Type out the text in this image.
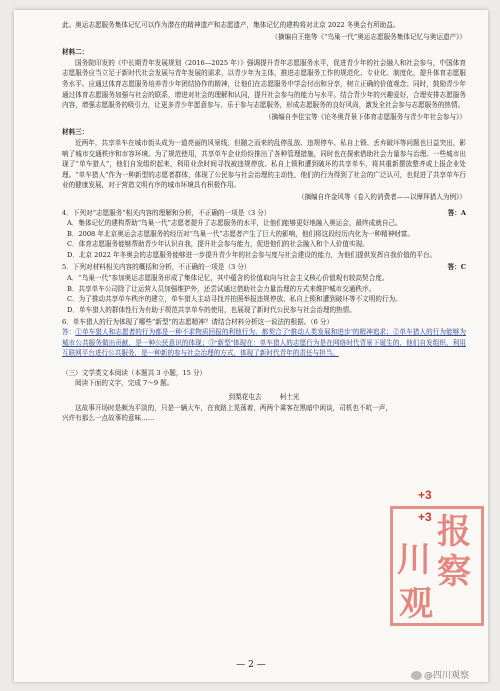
此。奥运志愿服务集体记忆可以作为潜在的精神遗产和志愿遗产，集体记忆的建构将对北京 2022 冬奥会有所助益。

（摘编自王艳等《“鸟巢一代”奥运志愿服务集体记忆与奥运遗产》）

材料二：

国务院印发的《中长期青年发展规划（2016—2025 年）》强调提升青年志愿服务水平，促进青少年的社会融入和社会参与，中国体育志愿服务应当立足于新时代社会发展与青年发展的需求，以青少年为主体，推进志愿服务工作的规范化、专业化、制度化，提升体育志愿服务水平。应通过体育志愿服务培养青少年团结协作的精神，让他们在志愿服务中学会付出和分享，树立正确的价值观念；同时，鼓励青少年通过体育志愿服务加强与社会的联系，增进对社会的理解和认同，提升社会参与的能力与水平。结合青少年的兴趣爱好，合理安排志愿服务内容，增强志愿服务的吸引力，让更多青少年愿意参与、乐于参与志愿服务，形成志愿服务的良好风尚，激发全社会参与志愿服务的热情。

（摘编自李佳宝等《论冬奥背景下体育志愿服务与青少年社会参与》）

材料三：

近两年，共享单车在城市街头成为一道亮丽的风景线，但随之而来的乱停乱放、违规停车、私自上锁、丢弃破坏等问题也日益突出，影响了城市交通秩序和市容环境。为了规范使用，共享单车企业纷纷推出了各种管理措施，同时也在探索借助社会力量参与治理。一些城市出现了“单车猎人”，他们自发组织起来，利用业余时间寻找被违规停放、私自上锁和遭到破坏的共享单车，将其重新摆放整齐或上报企业处理。“单车猎人”作为一种新型的志愿者群体，体现了公民参与社会治理的主动性，他们的行为得到了社会的广泛认可，也促进了共享单车行业的健康发展，对于营造文明有序的城市环境具有积极作用。

（摘编自许金风等《卷入的消费者——以摩拜猎人为例》）

4．下列对“志愿服务”相关内容的理解和分析，不正确的一项是（3 分）	答：A

A．集体记忆的建构帮助“鸟巢一代”志愿者提升了志愿服务的水平，让他们能够更好地融入奥运会，最终成就自己。

B．2008 年北京奥运会志愿服务的经历对“鸟巢一代”志愿者产生了巨大的影响，他们将这段经历内化为一种精神财富。

C．体育志愿服务能够帮助青少年认识自我，提升社会参与能力，促进他们的社会融入和个人价值实现。

D．北京 2022 年冬奥会的志愿服务能够进一步提升青少年的社会参与度与社会建设的能力，为他们提供发挥自我价值的平台。

5．下列对材料相关内容的概括和分析，不正确的一项是（3 分）	答：C

A．“鸟巢一代”参加奥运志愿服务形成了集体记忆，其中蕴含的价值取向与社会主义核心价值观有较高契合度。

B．共享单车公司除了让运营人员加强维护外，还尝试通过借助社会力量治理的方式来维护城市交通秩序。

C．为了推动共享单车秩序的建立，单车猎人主动寻找并拍照举报违规停放、私自上锁和遭到破坏等不文明的行为。

D．单车猎人的群体性行为有助于规范共享单车的使用，也展现了新时代公民参与社会治理的热情。

6．单车猎人的行为体现了哪些“新型”的志愿精神？请结合材料分析这一说法的根据。（6 分）

答：①单车猎人和志愿者的行为都是一种不求物质回报的利他行为，都契合了“推动人类发展和进步”的精神追求；②单车猎人的行为能够为城市公共服务做出贡献，是一种公民意识的体现；③“新型”体现在：单车猎人的志愿行为是在网络时代背景下诞生的，他们自发组织，利用互联网平台进行公共服务，是一种新的参与社会治理的方式，体现了新时代青年的责任与担当。

（三）文学类文本阅读（本题共 3 小题，15 分）

阅读下面的文字，完成 7～9 题。

到梨花屯去	柯土光

这故事开场时是颇为平淡的，只是一辆大车，在夜路上晃荡着，两两个乘客在黑暗中闲谈，司机也不吭一声，兴许有那么一点故事的意味……

+3
+3
— 2 —
报
川 察
观
@四川观察
